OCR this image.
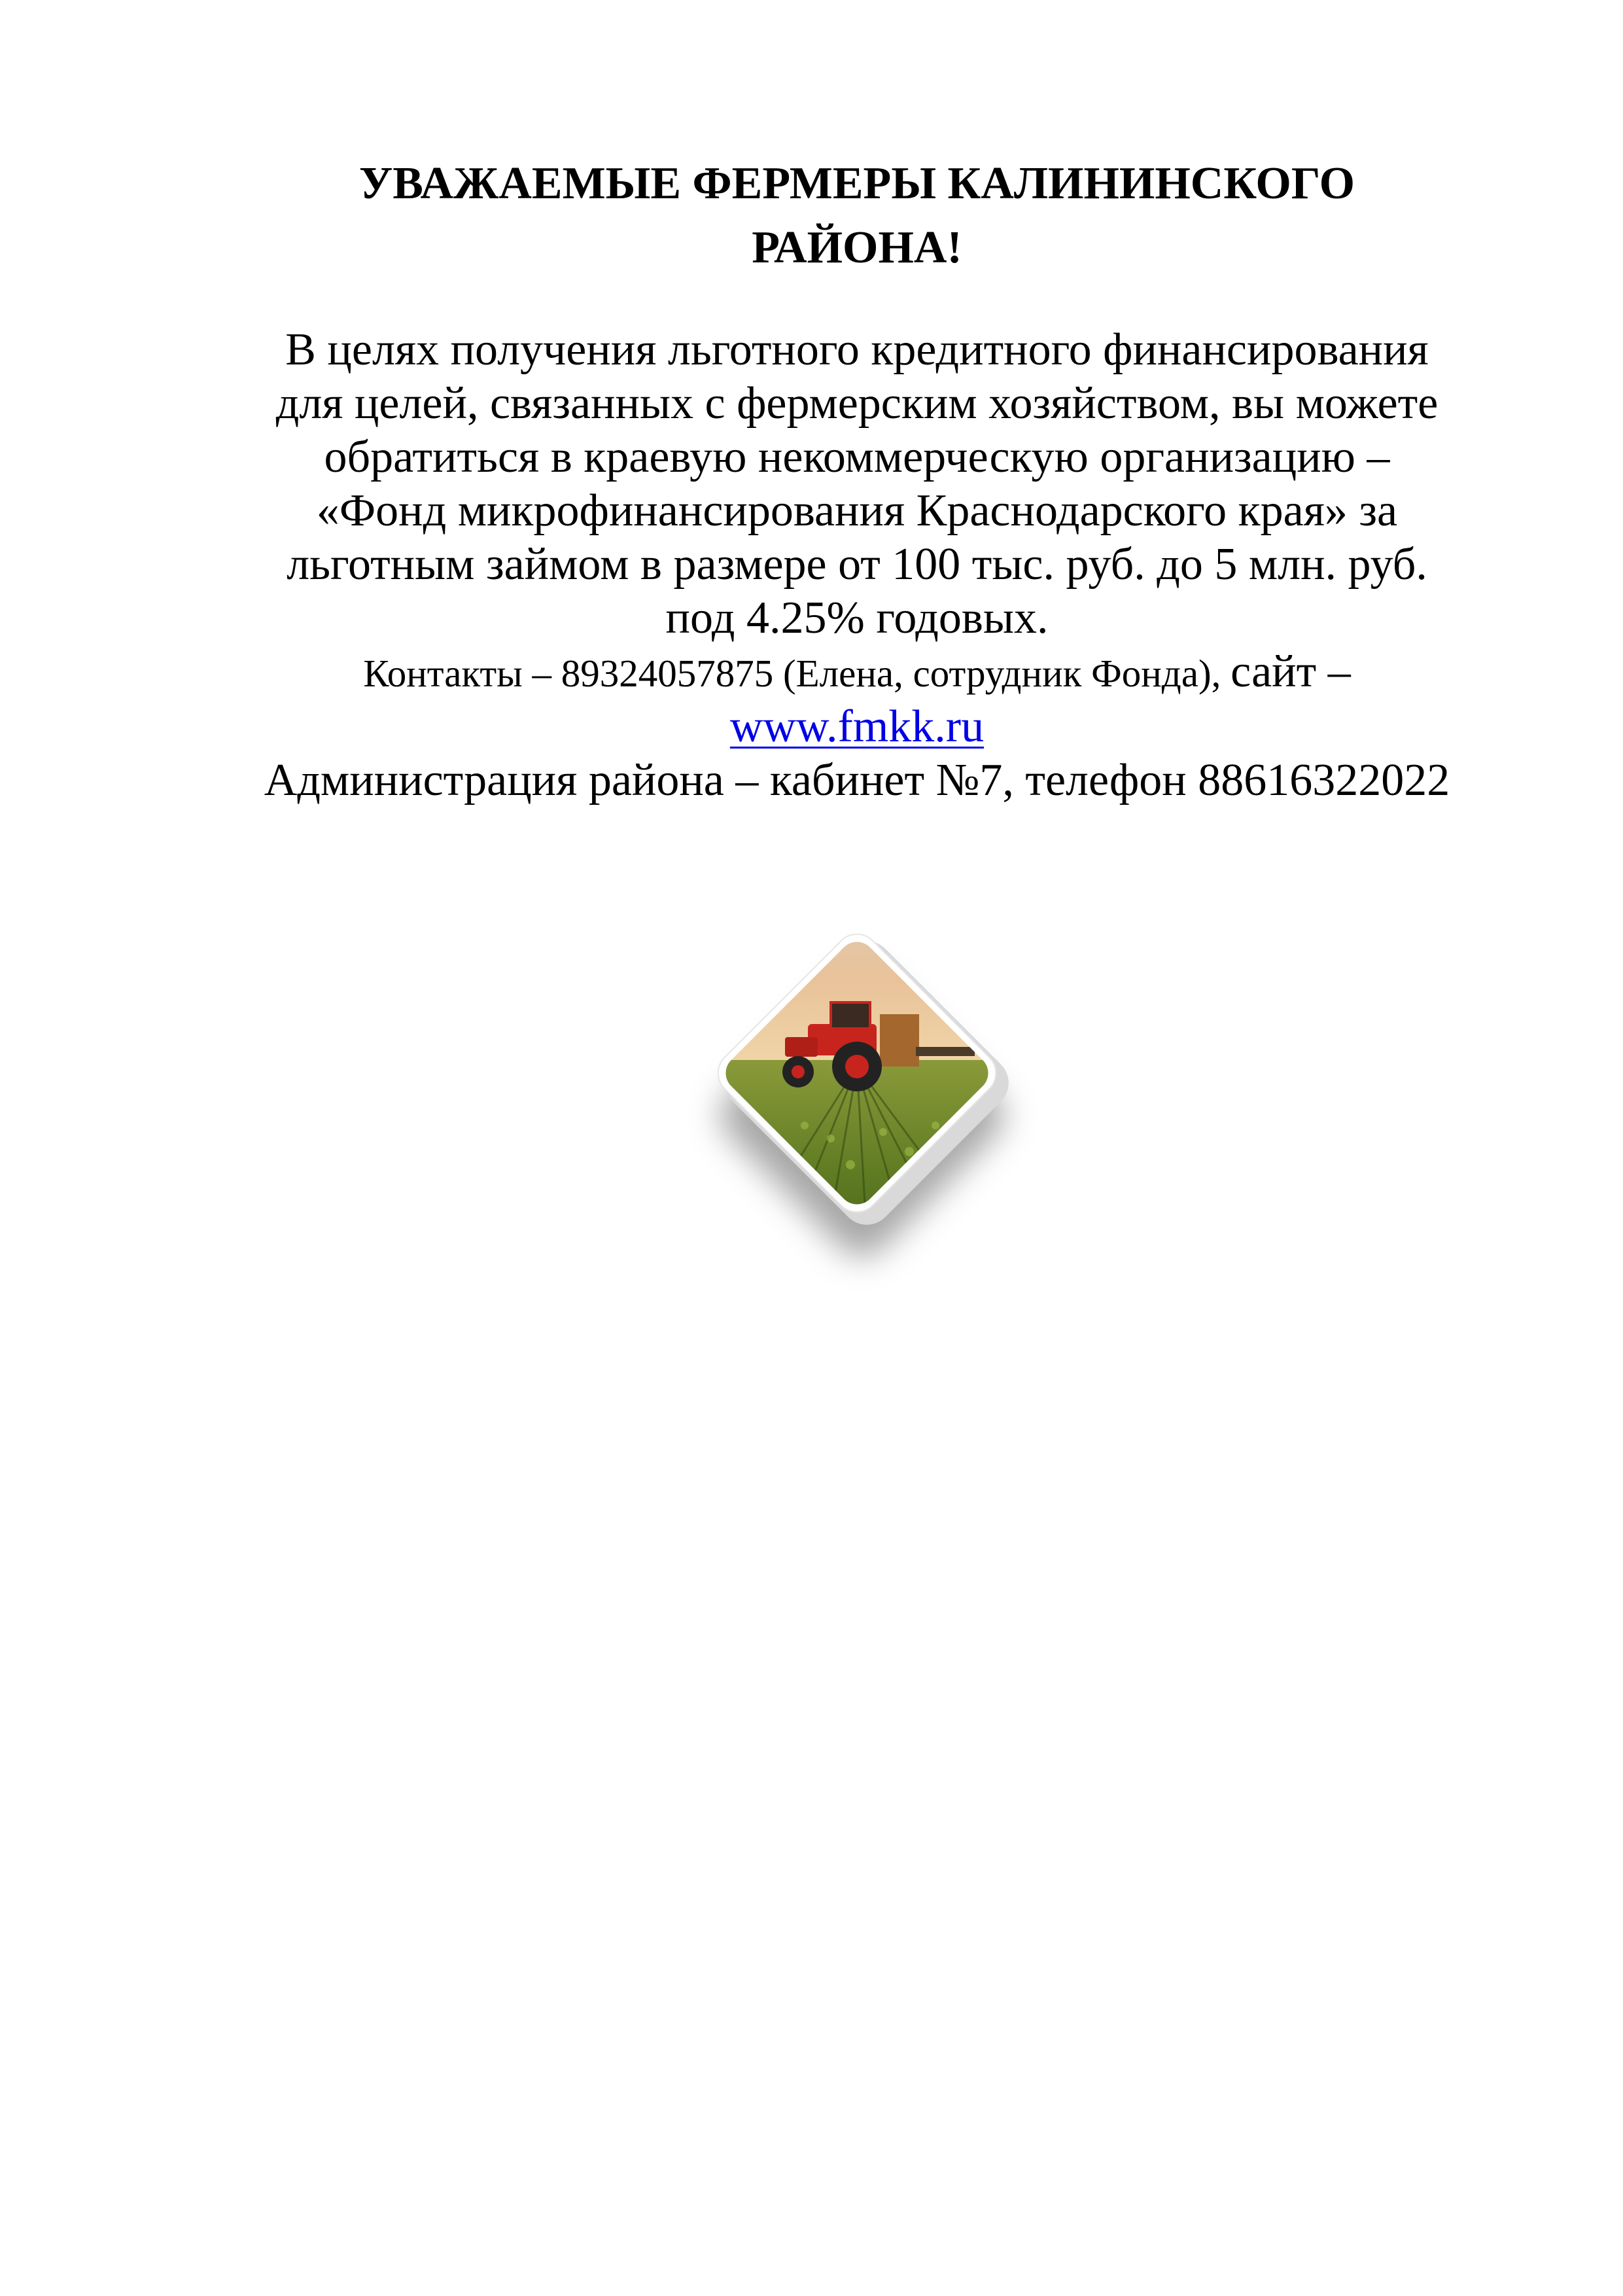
УВАЖАЕМЫЕ ФЕРМЕРЫ КАЛИНИНСКОГО
РАЙОНА!
В целях получения льготного кредитного финансирования
для целей, связанных с фермерским хозяйством, вы можете
обратиться в краевую некоммерческую организацию –
«Фонд микрофинансирования Краснодарского края» за
льготным займом в размере от 100 тыс. руб. до 5 млн. руб.
под 4.25% годовых.
Контакты – 89324057875 (Елена, сотрудник Фонда), сайт –
www.fmkk.ru
Администрация района – кабинет №7, телефон 88616322022
